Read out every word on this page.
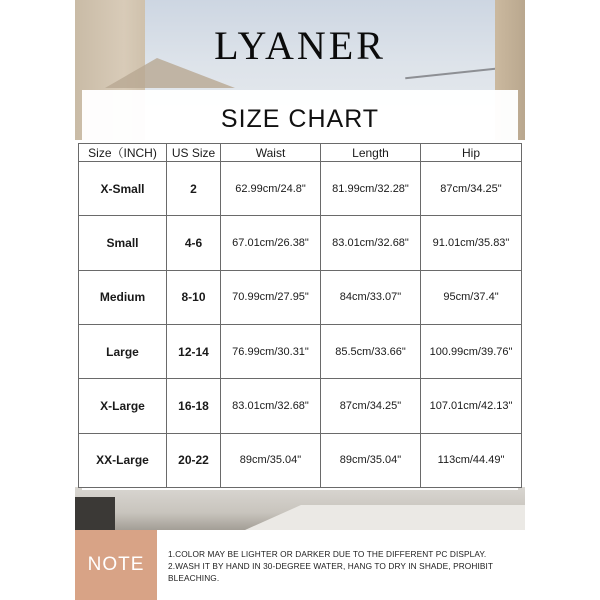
LYANER
SIZE CHART
Size（INCH)	US Size	Waist	Length	Hip
X-Small	2	62.99cm/24.8"	81.99cm/32.28"	87cm/34.25"
Small	4-6	67.01cm/26.38"	83.01cm/32.68"	91.01cm/35.83"
Medium	8-10	70.99cm/27.95"	84cm/33.07"	95cm/37.4"
Large	12-14	76.99cm/30.31"	85.5cm/33.66"	100.99cm/39.76"
X-Large	16-18	83.01cm/32.68"	87cm/34.25"	107.01cm/42.13"
XX-Large	20-22	89cm/35.04"	89cm/35.04"	113cm/44.49"
NOTE	1.COLOR MAY BE LIGHTER OR DARKER DUE TO THE DIFFERENT PC DISPLAY.
2.WASH IT BY HAND IN 30-DEGREE WATER, HANG TO DRY IN SHADE, PROHIBIT
BLEACHING.
